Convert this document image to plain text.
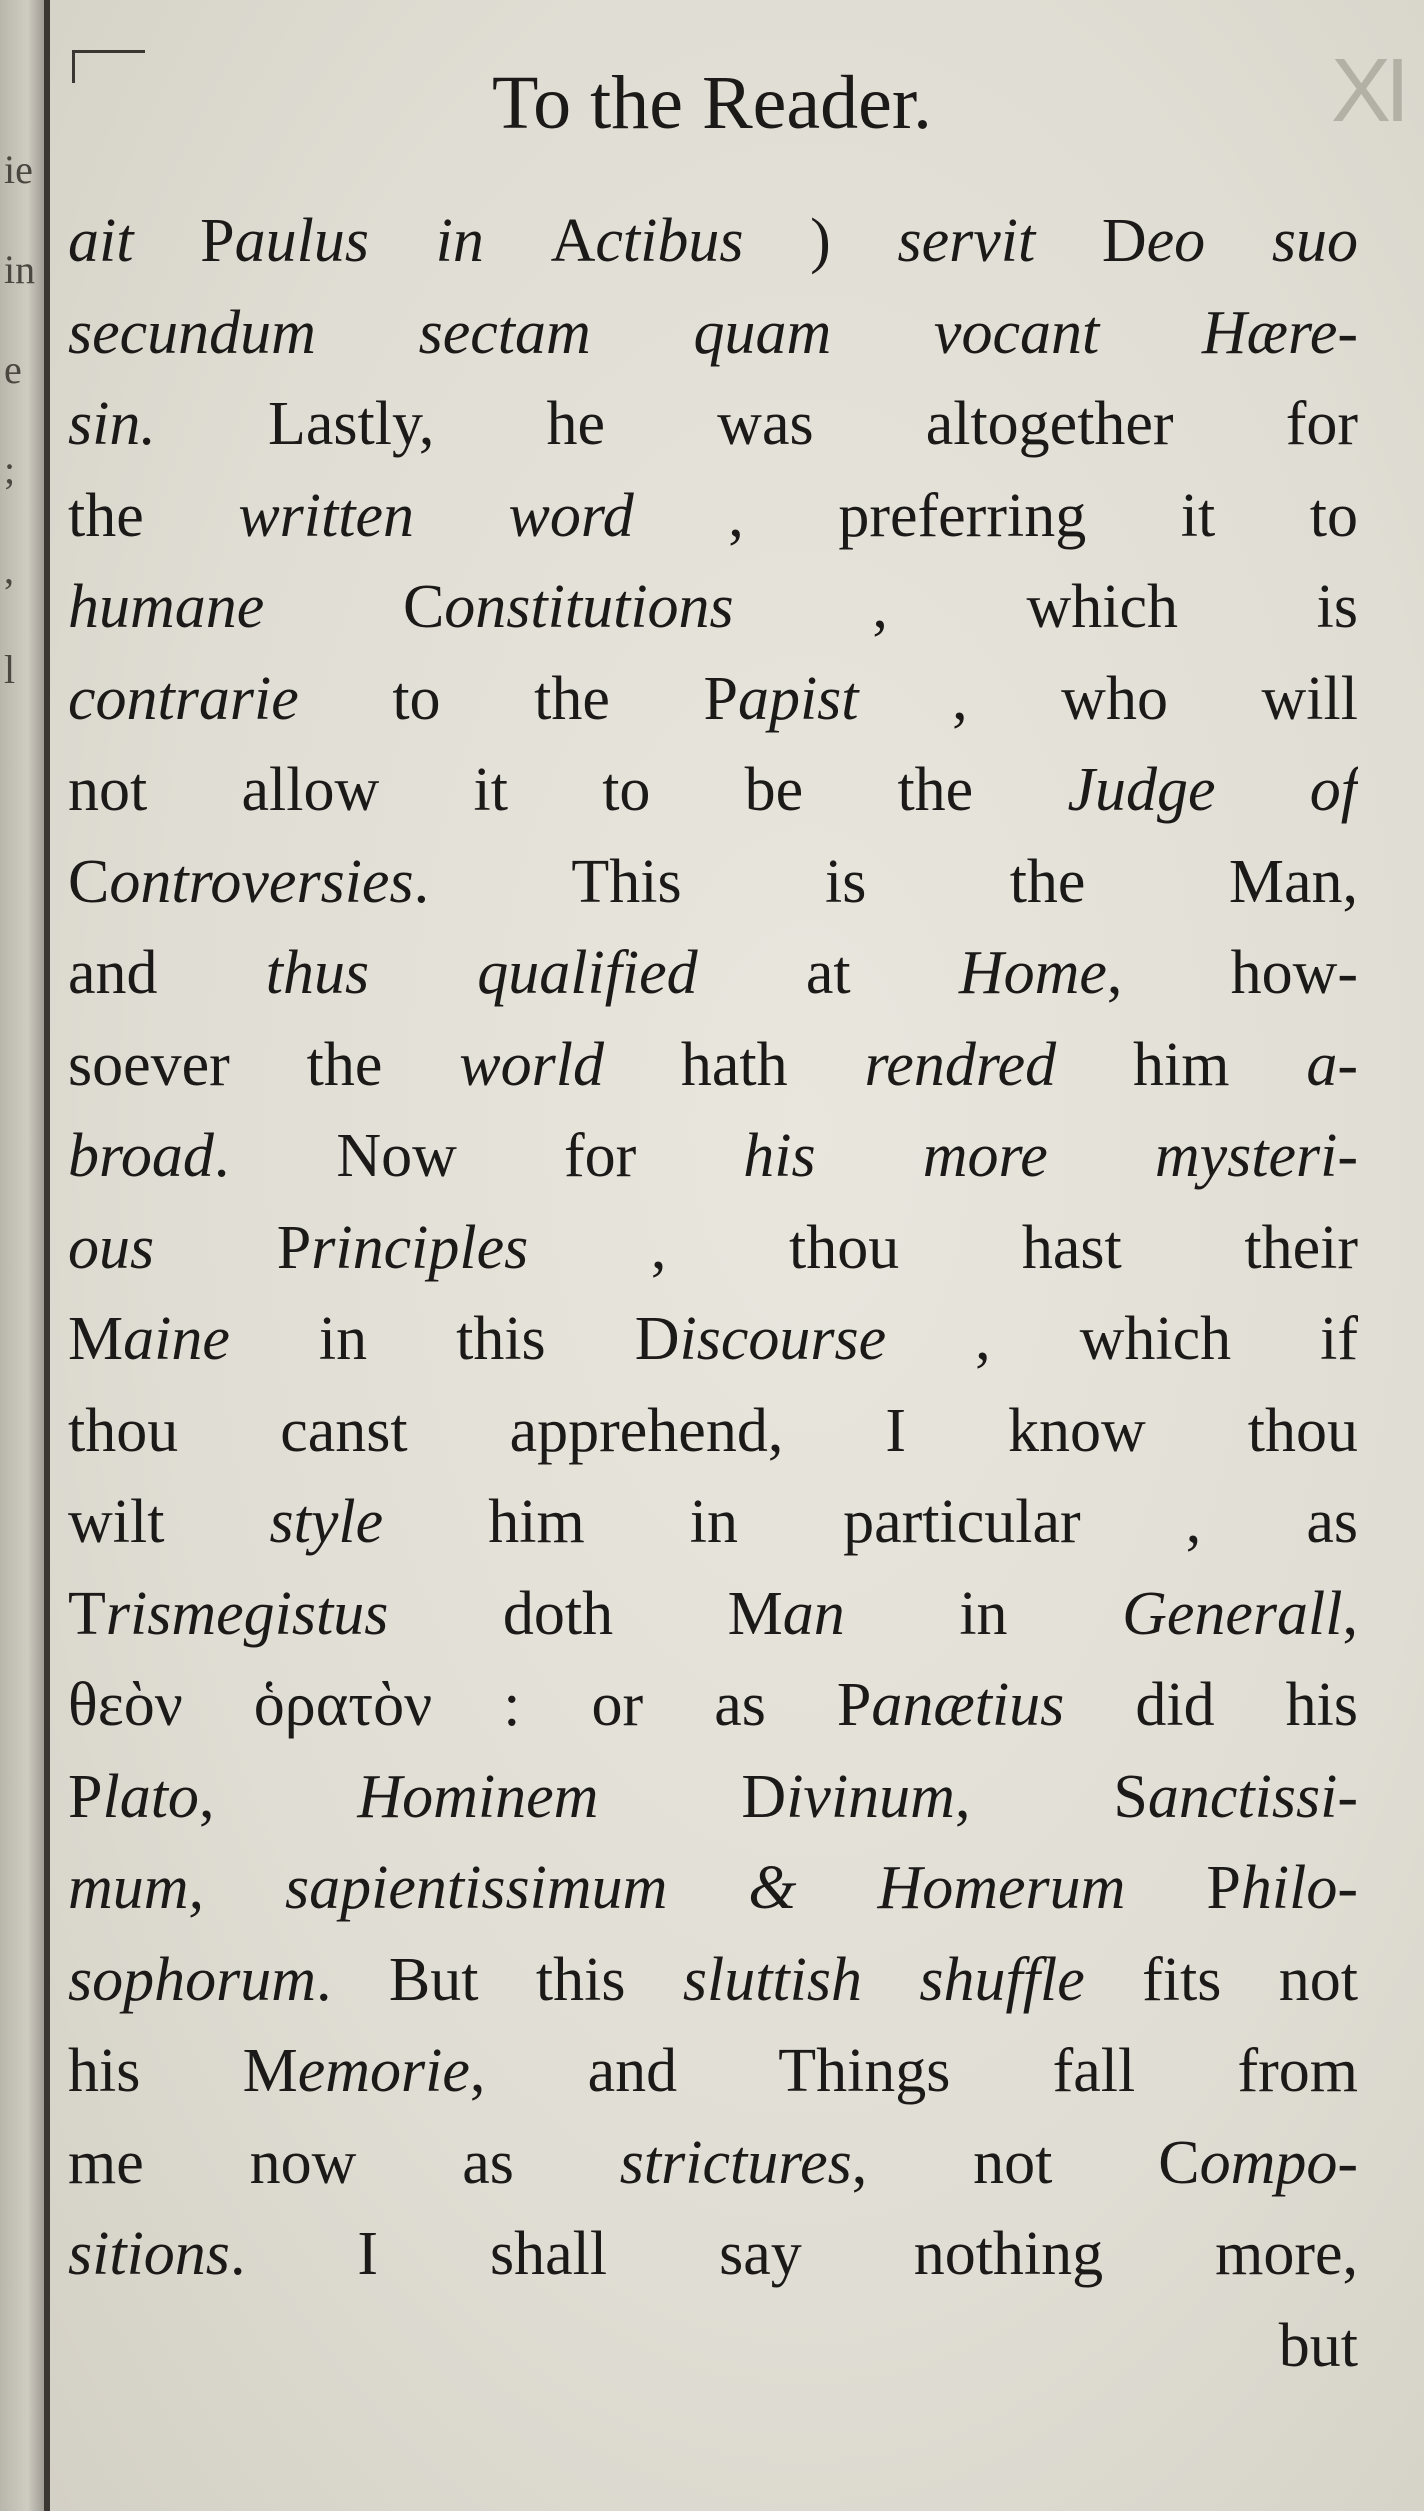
ie
in
e
;
,
l
XI
To the Reader.
ait Paulus in Actibus ) servit Deo suo
secundum sectam quam vocant Hære-
sin. Lastly, he was altogether for
the written word , preferring it to
humane Constitutions , which is
contrarie to the Papist , who will
not allow it to be the Judge of
Controversies. This is the Man,
and thus qualified at Home, how-
soever the world hath rendred him a-
broad. Now for his more mysteri-
ous Principles , thou hast their
Maine in this Discourse , which if
thou canst apprehend, I know thou
wilt style him in particular , as
Trismegistus doth Man in Generall,
θεὸν ὁρατὸν : or as Panætius did his
Plato, Hominem Divinum, Sanctissi-
mum, sapientissimum & Homerum Philo-
sophorum. But this sluttish shuffle fits not
his Memorie, and Things fall from
me now as strictures, not Compo-
sitions. I shall say nothing more,
but
